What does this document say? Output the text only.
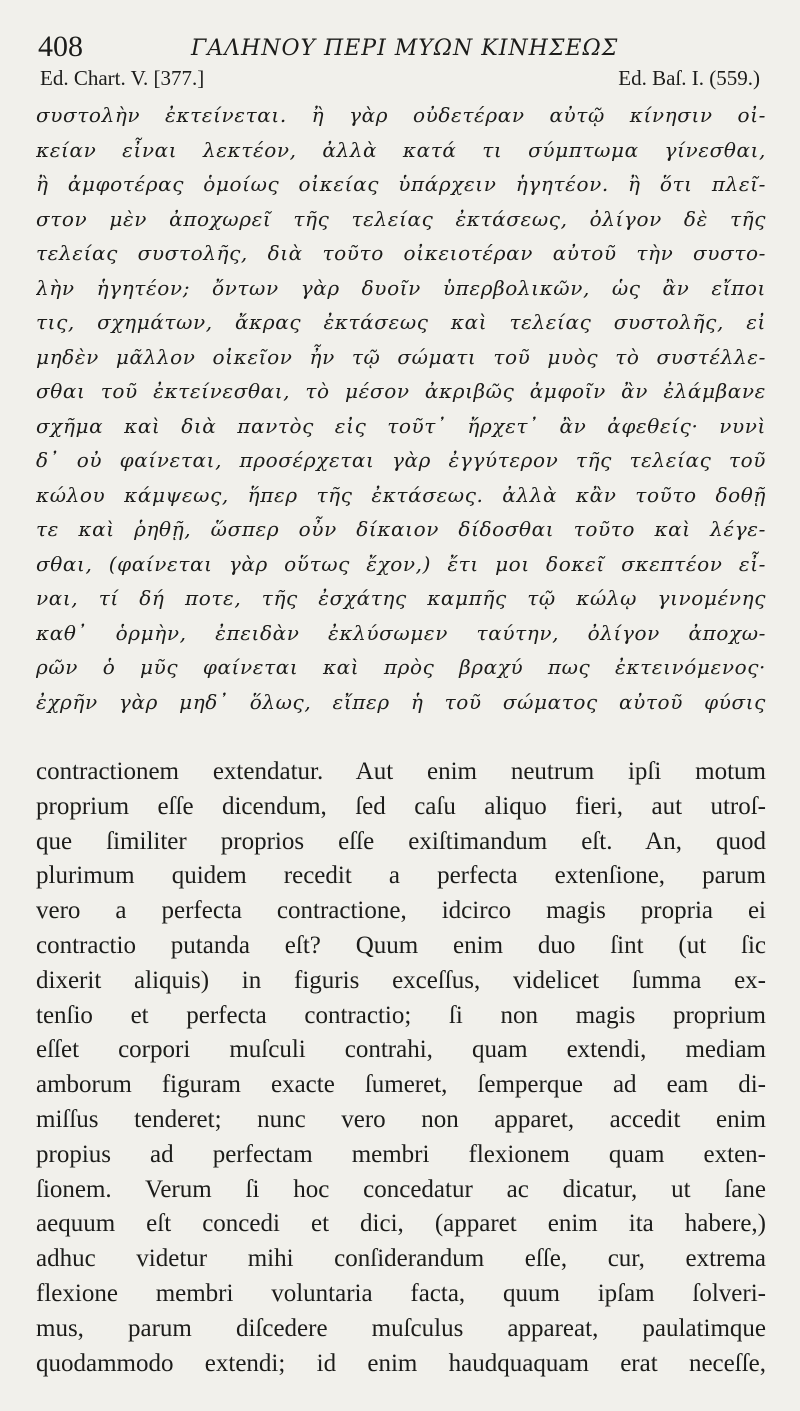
408	ΓΑΛΗΝΟΥ ΠΕΡΙ ΜΥΩΝ ΚΙΝΗΣΕΩΣ
Ed. Chart. V. [377.]	Ed. Baſ. I. (559.)
συστολὴν ἐκτείνεται. ἢ γὰρ οὐδετέραν αὐτῷ κίνησιν οἰ-
κείαν εἶναι λεκτέον, ἀλλὰ κατά τι σύμπτωμα γίνεσθαι,
ἢ ἀμφοτέρας ὁμοίως οἰκείας ὑπάρχειν ἡγητέον. ἢ ὅτι πλεῖ-
στον μὲν ἀποχωρεῖ τῆς τελείας ἐκτάσεως, ὀλίγον δὲ τῆς
τελείας συστολῆς, διὰ τοῦτο οἰκειοτέραν αὐτοῦ τὴν συστο-
λὴν ἡγητέον; ὄντων γὰρ δυοῖν ὑπερβολικῶν, ὡς ἂν εἴποι
τις, σχημάτων, ἄκρας ἐκτάσεως καὶ τελείας συστολῆς, εἰ
μηδὲν μᾶλλον οἰκεῖον ἦν τῷ σώματι τοῦ μυὸς τὸ συστέλλε-
σθαι τοῦ ἐκτείνεσθαι, τὸ μέσον ἀκριβῶς ἀμφοῖν ἂν ἐλάμβανε
σχῆμα καὶ διὰ παντὸς εἰς τοῦτ᾽ ἤρχετ᾽ ἂν ἀφεθείς· νυνὶ
δ᾽ οὐ φαίνεται, προσέρχεται γὰρ ἐγγύτερον τῆς τελείας τοῦ
κώλου κάμψεως, ἥπερ τῆς ἐκτάσεως. ἀλλὰ κἂν τοῦτο δοθῇ
τε καὶ ῥηθῇ, ὥσπερ οὖν δίκαιον δίδοσθαι τοῦτο καὶ λέγε-
σθαι, (φαίνεται γὰρ οὕτως ἔχον,) ἔτι μοι δοκεῖ σκεπτέον εἶ-
ναι, τί δή ποτε, τῆς ἐσχάτης καμπῆς τῷ κώλῳ γινομένης
καθ᾽ ὁρμὴν, ἐπειδὰν ἐκλύσωμεν ταύτην, ὀλίγον ἀποχω-
ρῶν ὁ μῦς φαίνεται καὶ πρὸς βραχύ πως ἐκτεινόμενος·
ἐχρῆν γὰρ μηδ᾽ ὅλως, εἴπερ ἡ τοῦ σώματος αὐτοῦ φύσις
contractionem extendatur. Aut enim neutrum ipſi motum
proprium eſſe dicendum, ſed caſu aliquo fieri, aut utroſ-
que ſimiliter proprios eſſe exiſtimandum eſt. An, quod
plurimum quidem recedit a perfecta extenſione, parum
vero a perfecta contractione, idcirco magis propria ei
contractio putanda eſt? Quum enim duo ſint (ut ſic
dixerit aliquis) in figuris exceſſus, videlicet ſumma ex-
tenſio et perfecta contractio; ſi non magis proprium
eſſet corpori muſculi contrahi, quam extendi, mediam
amborum figuram exacte ſumeret, ſemperque ad eam di-
miſſus tenderet; nunc vero non apparet, accedit enim
propius ad perfectam membri flexionem quam exten-
ſionem. Verum ſi hoc concedatur ac dicatur, ut ſane
aequum eſt concedi et dici, (apparet enim ita habere,)
adhuc videtur mihi conſiderandum eſſe, cur, extrema
flexione membri voluntaria facta, quum ipſam ſolveri-
mus, parum diſcedere muſculus appareat, paulatimque
quodammodo extendi; id enim haudquaquam erat neceſſe,
